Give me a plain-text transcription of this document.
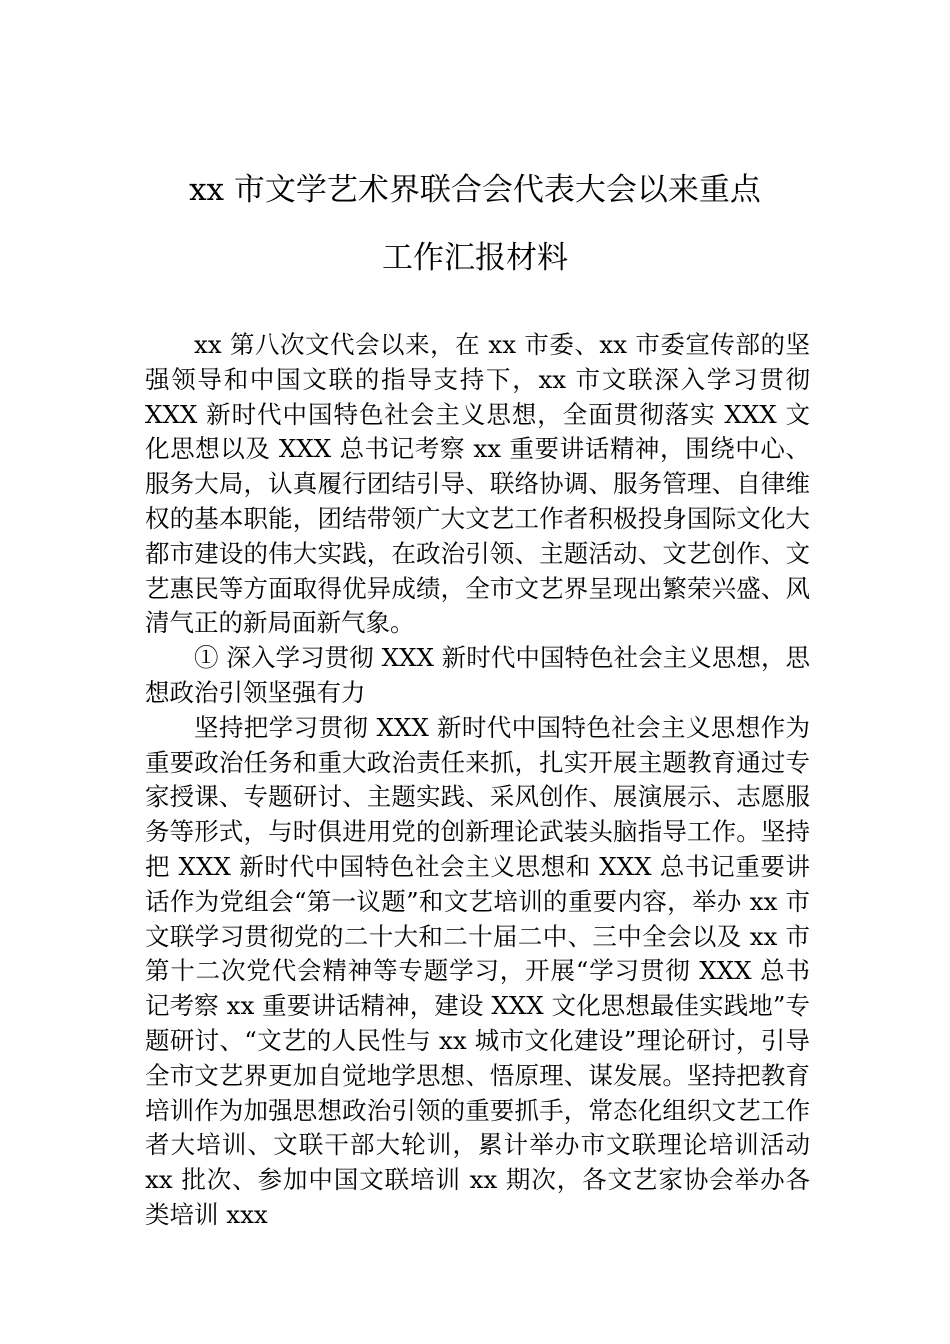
xx 市文学艺术界联合会代表大会以来重点
工作汇报材料

xx 第八次文代会以来，在 xx 市委、xx 市委宣传部的坚强领导和中国文联的指导支持下，xx 市文联深入学习贯彻 XXX 新时代中国特色社会主义思想，全面贯彻落实 XXX 文化思想以及 XXX 总书记考察 xx 重要讲话精神，围绕中心、服务大局，认真履行团结引导、联络协调、服务管理、自律维权的基本职能，团结带领广大文艺工作者积极投身国际文化大都市建设的伟大实践，在政治引领、主题活动、文艺创作、文艺惠民等方面取得优异成绩，全市文艺界呈现出繁荣兴盛、风清气正的新局面新气象。

① 深入学习贯彻 XXX 新时代中国特色社会主义思想，思想政治引领坚强有力

坚持把学习贯彻 XXX 新时代中国特色社会主义思想作为重要政治任务和重大政治责任来抓，扎实开展主题教育通过专家授课、专题研讨、主题实践、采风创作、展演展示、志愿服务等形式，与时俱进用党的创新理论武装头脑指导工作。坚持把 XXX 新时代中国特色社会主义思想和 XXX 总书记重要讲话作为党组会“第一议题”和文艺培训的重要内容，举办 xx 市文联学习贯彻党的二十大和二十届二中、三中全会以及 xx 市第十二次党代会精神等专题学习，开展“学习贯彻 XXX 总书记考察 xx 重要讲话精神，建设 XXX 文化思想最佳实践地”专题研讨、“文艺的人民性与 xx 城市文化建设”理论研讨，引导全市文艺界更加自觉地学思想、悟原理、谋发展。坚持把教育培训作为加强思想政治引领的重要抓手，常态化组织文艺工作者大培训、文联干部大轮训，累计举办市文联理论培训活动 xx 批次、参加中国文联培训 xx 期次，各文艺家协会举办各类培训 xxx
